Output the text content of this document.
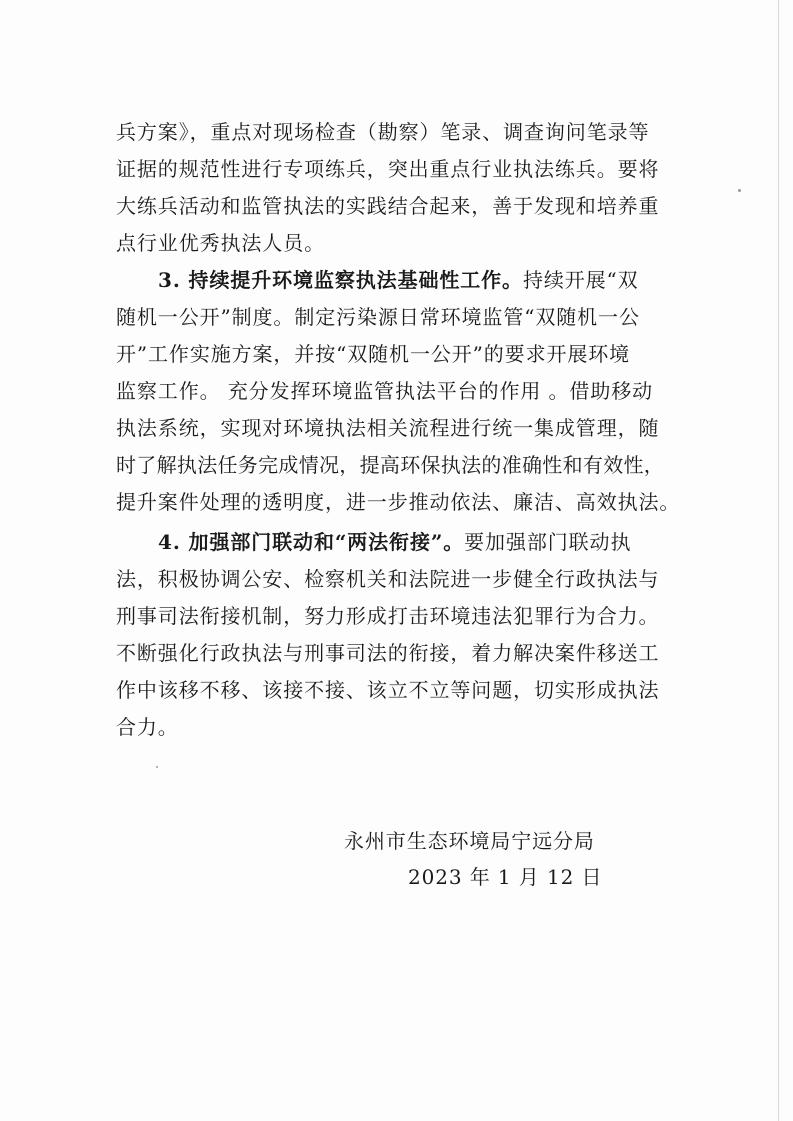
兵方案》，重点对现场检查（勘察）笔录、调查询问笔录等
证据的规范性进行专项练兵，突出重点行业执法练兵。要将
大练兵活动和监管执法的实践结合起来，善于发现和培养重
点行业优秀执法人员。
3. 持续提升环境监察执法基础性工作。持续开展“双
随机一公开”制度。制定污染源日常环境监管“双随机一公
开”工作实施方案，并按“双随机一公开”的要求开展环境
监察工作。 充分发挥环境监管执法平台的作用 。借助移动
执法系统，实现对环境执法相关流程进行统一集成管理，随
时了解执法任务完成情况，提高环保执法的准确性和有效性，
提升案件处理的透明度，进一步推动依法、廉洁、高效执法。
4. 加强部门联动和“两法衔接”。要加强部门联动执
法，积极协调公安、检察机关和法院进一步健全行政执法与
刑事司法衔接机制，努力形成打击环境违法犯罪行为合力。
不断强化行政执法与刑事司法的衔接，着力解决案件移送工
作中该移不移、该接不接、该立不立等问题，切实形成执法
合力。
永州市生态环境局宁远分局
2023 年 1 月 12 日
